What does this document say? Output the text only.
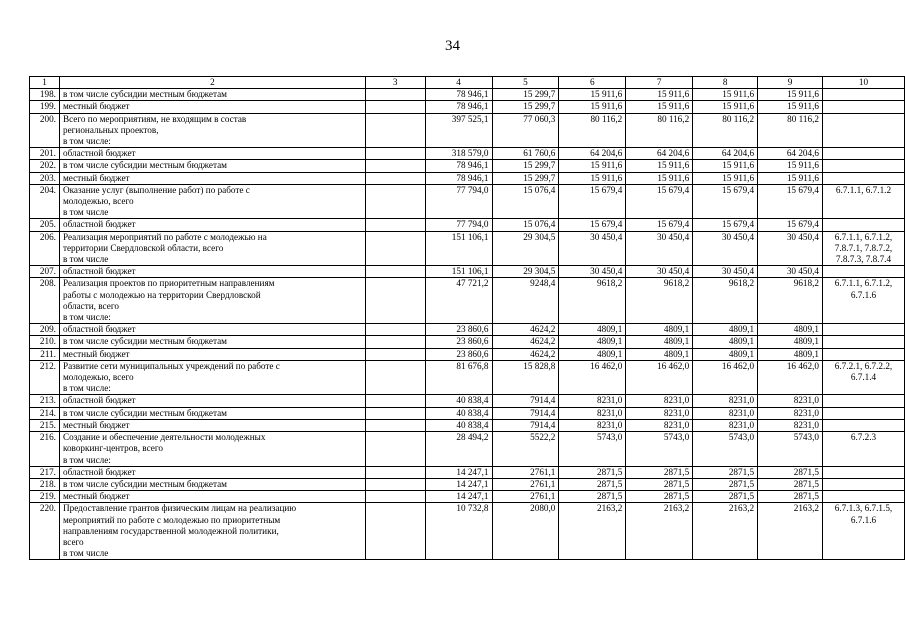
34
1	2	3	4	5	6	7	8	9	10
198.	в том числе субсидии местным бюджетам		78 946,1	15 299,7	15 911,6	15 911,6	15 911,6	15 911,6	
199.	местный бюджет		78 946,1	15 299,7	15 911,6	15 911,6	15 911,6	15 911,6	
200.	Всего по мероприятиям, не входящим в состав
региональных проектов,
в том числе:		397 525,1	77 060,3	80 116,2	80 116,2	80 116,2	80 116,2	
201.	областной бюджет		318 579,0	61 760,6	64 204,6	64 204,6	64 204,6	64 204,6	
202.	в том числе субсидии местным бюджетам		78 946,1	15 299,7	15 911,6	15 911,6	15 911,6	15 911,6	
203.	местный бюджет		78 946,1	15 299,7	15 911,6	15 911,6	15 911,6	15 911,6	
204.	Оказание услуг (выполнение работ) по работе с
молодежью, всего
в том числе		77 794,0	15 076,4	15 679,4	15 679,4	15 679,4	15 679,4	6.7.1.1, 6.7.1.2

205.	областной бюджет		77 794,0	15 076,4	15 679,4	15 679,4	15 679,4	15 679,4	
206.	Реализация мероприятий по работе с молодежью на
территории Свердловской области, всего
в том числе		151 106,1	29 304,5	30 450,4	30 450,4	30 450,4	30 450,4	6.7.1.1, 6.7.1.2,
7.8.7.1, 7.8.7.2,
7.8.7.3, 7.8.7.4

207.	областной бюджет		151 106,1	29 304,5	30 450,4	30 450,4	30 450,4	30 450,4	
208.	Реализация проектов по приоритетным направлениям
работы с молодежью на территории Свердловской
области, всего
в том числе:		47 721,2	9248,4	9618,2	9618,2	9618,2	9618,2	6.7.1.1, 6.7.1.2,
6.7.1.6

209.	областной бюджет		23 860,6	4624,2	4809,1	4809,1	4809,1	4809,1	
210.	в том числе субсидии местным бюджетам		23 860,6	4624,2	4809,1	4809,1	4809,1	4809,1	
211.	местный бюджет		23 860,6	4624,2	4809,1	4809,1	4809,1	4809,1	
212.	Развитие сети муниципальных учреждений по работе с
молодежью, всего
в том числе:		81 676,8	15 828,8	16 462,0	16 462,0	16 462,0	16 462,0	6.7.2.1, 6.7.2.2,
6.7.1.4

213.	областной бюджет		40 838,4	7914,4	8231,0	8231,0	8231,0	8231,0	
214.	в том числе субсидии местным бюджетам		40 838,4	7914,4	8231,0	8231,0	8231,0	8231,0	
215.	местный бюджет		40 838,4	7914,4	8231,0	8231,0	8231,0	8231,0	
216.	Создание и обеспечение деятельности молодежных
коворкинг-центров, всего
в том числе:		28 494,2	5522,2	5743,0	5743,0	5743,0	5743,0	6.7.2.3

217.	областной бюджет		14 247,1	2761,1	2871,5	2871,5	2871,5	2871,5	
218.	в том числе субсидии местным бюджетам		14 247,1	2761,1	2871,5	2871,5	2871,5	2871,5	
219.	местный бюджет		14 247,1	2761,1	2871,5	2871,5	2871,5	2871,5	
220.	Предоставление грантов физическим лицам на реализацию
мероприятий по работе с молодежью по приоритетным
направлениям государственной молодежной политики,
всего
в том числе		10 732,8	2080,0	2163,2	2163,2	2163,2	2163,2	6.7.1.3, 6.7.1.5,
6.7.1.6
